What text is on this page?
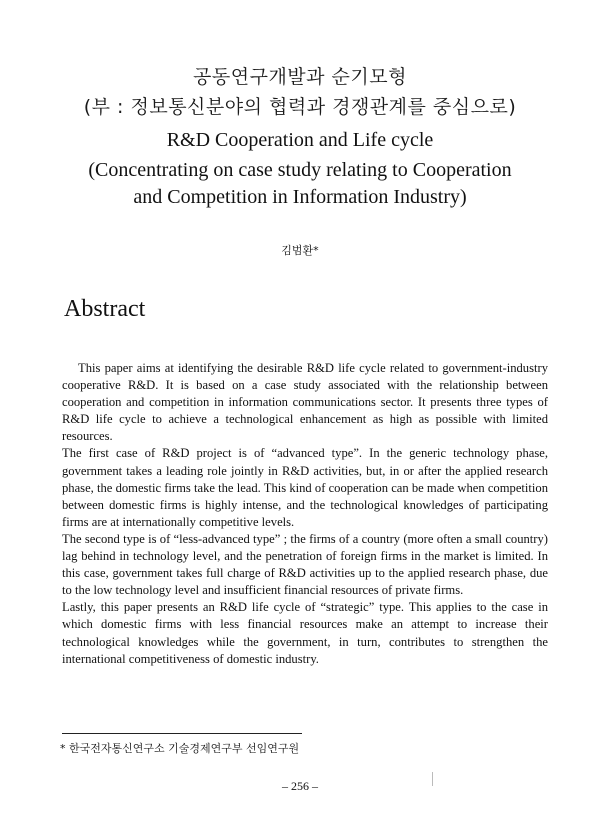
공동연구개발과 순기모형
(부 : 정보통신분야의 협력과 경쟁관계를 중심으로)
R&D Cooperation and Life cycle
(Concentrating on case study relating to Cooperation
and Competition in Information Industry)
김범환*
Abstract

This paper aims at identifying the desirable R&D life cycle related to government-industry cooperative R&D. It is based on a case study associated with the relationship between cooperation and competition in information communications sector. It presents three types of R&D life cycle to achieve a technological enhancement as high as possible with limited resources.

The first case of R&D project is of “advanced type”. In the generic technology phase, government takes a leading role jointly in R&D activities, but, in or after the applied research phase, the domestic firms take the lead. This kind of cooperation can be made when competition between domestic firms is highly intense, and the technological knowledges of participating firms are at internationally competitive levels.

The second type is of “less-advanced type” ; the firms of a country (more often a small country) lag behind in technology level, and the penetration of foreign firms in the market is limited. In this case, government takes full charge of R&D activities up to the applied research phase, due to the low technology level and insufficient financial resources of private firms.

Lastly, this paper presents an R&D life cycle of “strategic” type. This applies to the case in which domestic firms with less financial resources make an attempt to increase their technological knowledges while the government, in turn, contributes to strengthen the international competitiveness of domestic industry.

* 한국전자통신연구소 기술경제연구부 선임연구원
– 256 –
